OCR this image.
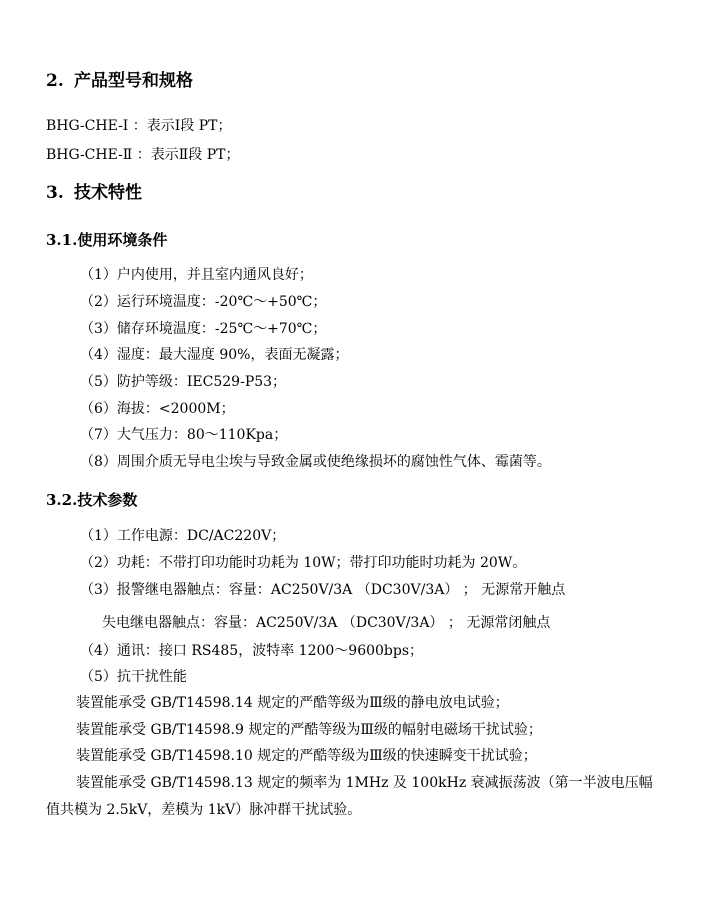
2. 产品型号和规格
BHG-CHE-Ⅰ ：表示Ⅰ段 PT；
BHG-CHE-Ⅱ ：表示Ⅱ段 PT；
3. 技术特性
3.1.使用环境条件
（1）户内使用，并且室内通风良好；
（2）运行环境温度：-20℃～+50℃；
（3）储存环境温度：-25℃～+70℃；
（4）湿度：最大湿度 90%，表面无凝露；
（5）防护等级：IEC529-P53；
（6）海拔：<2000M；
（7）大气压力：80～110Kpa；
（8）周围介质无导电尘埃与导致金属或使绝缘损坏的腐蚀性气体、霉菌等。
3.2.技术参数
（1）工作电源：DC/AC220V；
（2）功耗：不带打印功能时功耗为 10W；带打印功能时功耗为 20W。
（3）报警继电器触点：容量：AC250V/3A （DC30V/3A） ； 无源常开触点
失电继电器触点：容量：AC250V/3A （DC30V/3A） ； 无源常闭触点
（4）通讯：接口 RS485，波特率 1200～9600bps；
（5）抗干扰性能
装置能承受 GB/T14598.14 规定的严酷等级为Ⅲ级的静电放电试验；
装置能承受 GB/T14598.9 规定的严酷等级为Ⅲ级的幅射电磁场干扰试验；
装置能承受 GB/T14598.10 规定的严酷等级为Ⅲ级的快速瞬变干扰试验；
装置能承受 GB/T14598.13 规定的频率为 1MHz 及 100kHz 衰减振荡波（第一半波电压幅
值共模为 2.5kV，差模为 1kV）脉冲群干扰试验。
